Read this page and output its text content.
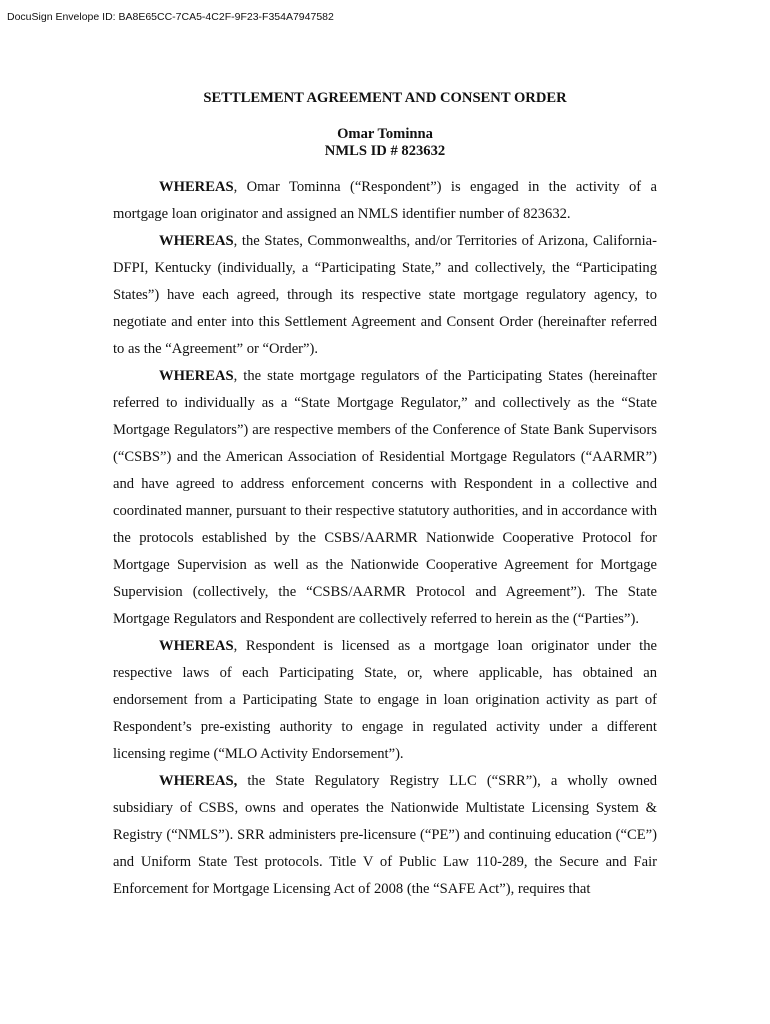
DocuSign Envelope ID: BA8E65CC-7CA5-4C2F-9F23-F354A7947582

SETTLEMENT AGREEMENT AND CONSENT ORDER

Omar Tominna
NMLS ID # 823632

WHEREAS, Omar Tominna (“Respondent”) is engaged in the activity of a mortgage loan originator and assigned an NMLS identifier number of 823632.

WHEREAS, the States, Commonwealths, and/or Territories of Arizona, California-DFPI, Kentucky (individually, a “Participating State,” and collectively, the “Participating States”) have each agreed, through its respective state mortgage regulatory agency, to negotiate and enter into this Settlement Agreement and Consent Order (hereinafter referred to as the “Agreement” or “Order”).

WHEREAS, the state mortgage regulators of the Participating States (hereinafter referred to individually as a “State Mortgage Regulator,” and collectively as the “State Mortgage Regulators”) are respective members of the Conference of State Bank Supervisors (“CSBS”) and the American Association of Residential Mortgage Regulators (“AARMR”) and have agreed to address enforcement concerns with Respondent in a collective and coordinated manner, pursuant to their respective statutory authorities, and in accordance with the protocols established by the CSBS/AARMR Nationwide Cooperative Protocol for Mortgage Supervision as well as the Nationwide Cooperative Agreement for Mortgage Supervision (collectively, the “CSBS/AARMR Protocol and Agreement”). The State Mortgage Regulators and Respondent are collectively referred to herein as the (“Parties”).

WHEREAS, Respondent is licensed as a mortgage loan originator under the respective laws of each Participating State, or, where applicable, has obtained an endorsement from a Participating State to engage in loan origination activity as part of Respondent’s pre-existing authority to engage in regulated activity under a different licensing regime (“MLO Activity Endorsement”).

WHEREAS, the State Regulatory Registry LLC (“SRR”), a wholly owned subsidiary of CSBS, owns and operates the Nationwide Multistate Licensing System & Registry (“NMLS”). SRR administers pre-licensure (“PE”) and continuing education (“CE”) and Uniform State Test protocols. Title V of Public Law 110-289, the Secure and Fair Enforcement for Mortgage Licensing Act of 2008 (the “SAFE Act”), requires that
